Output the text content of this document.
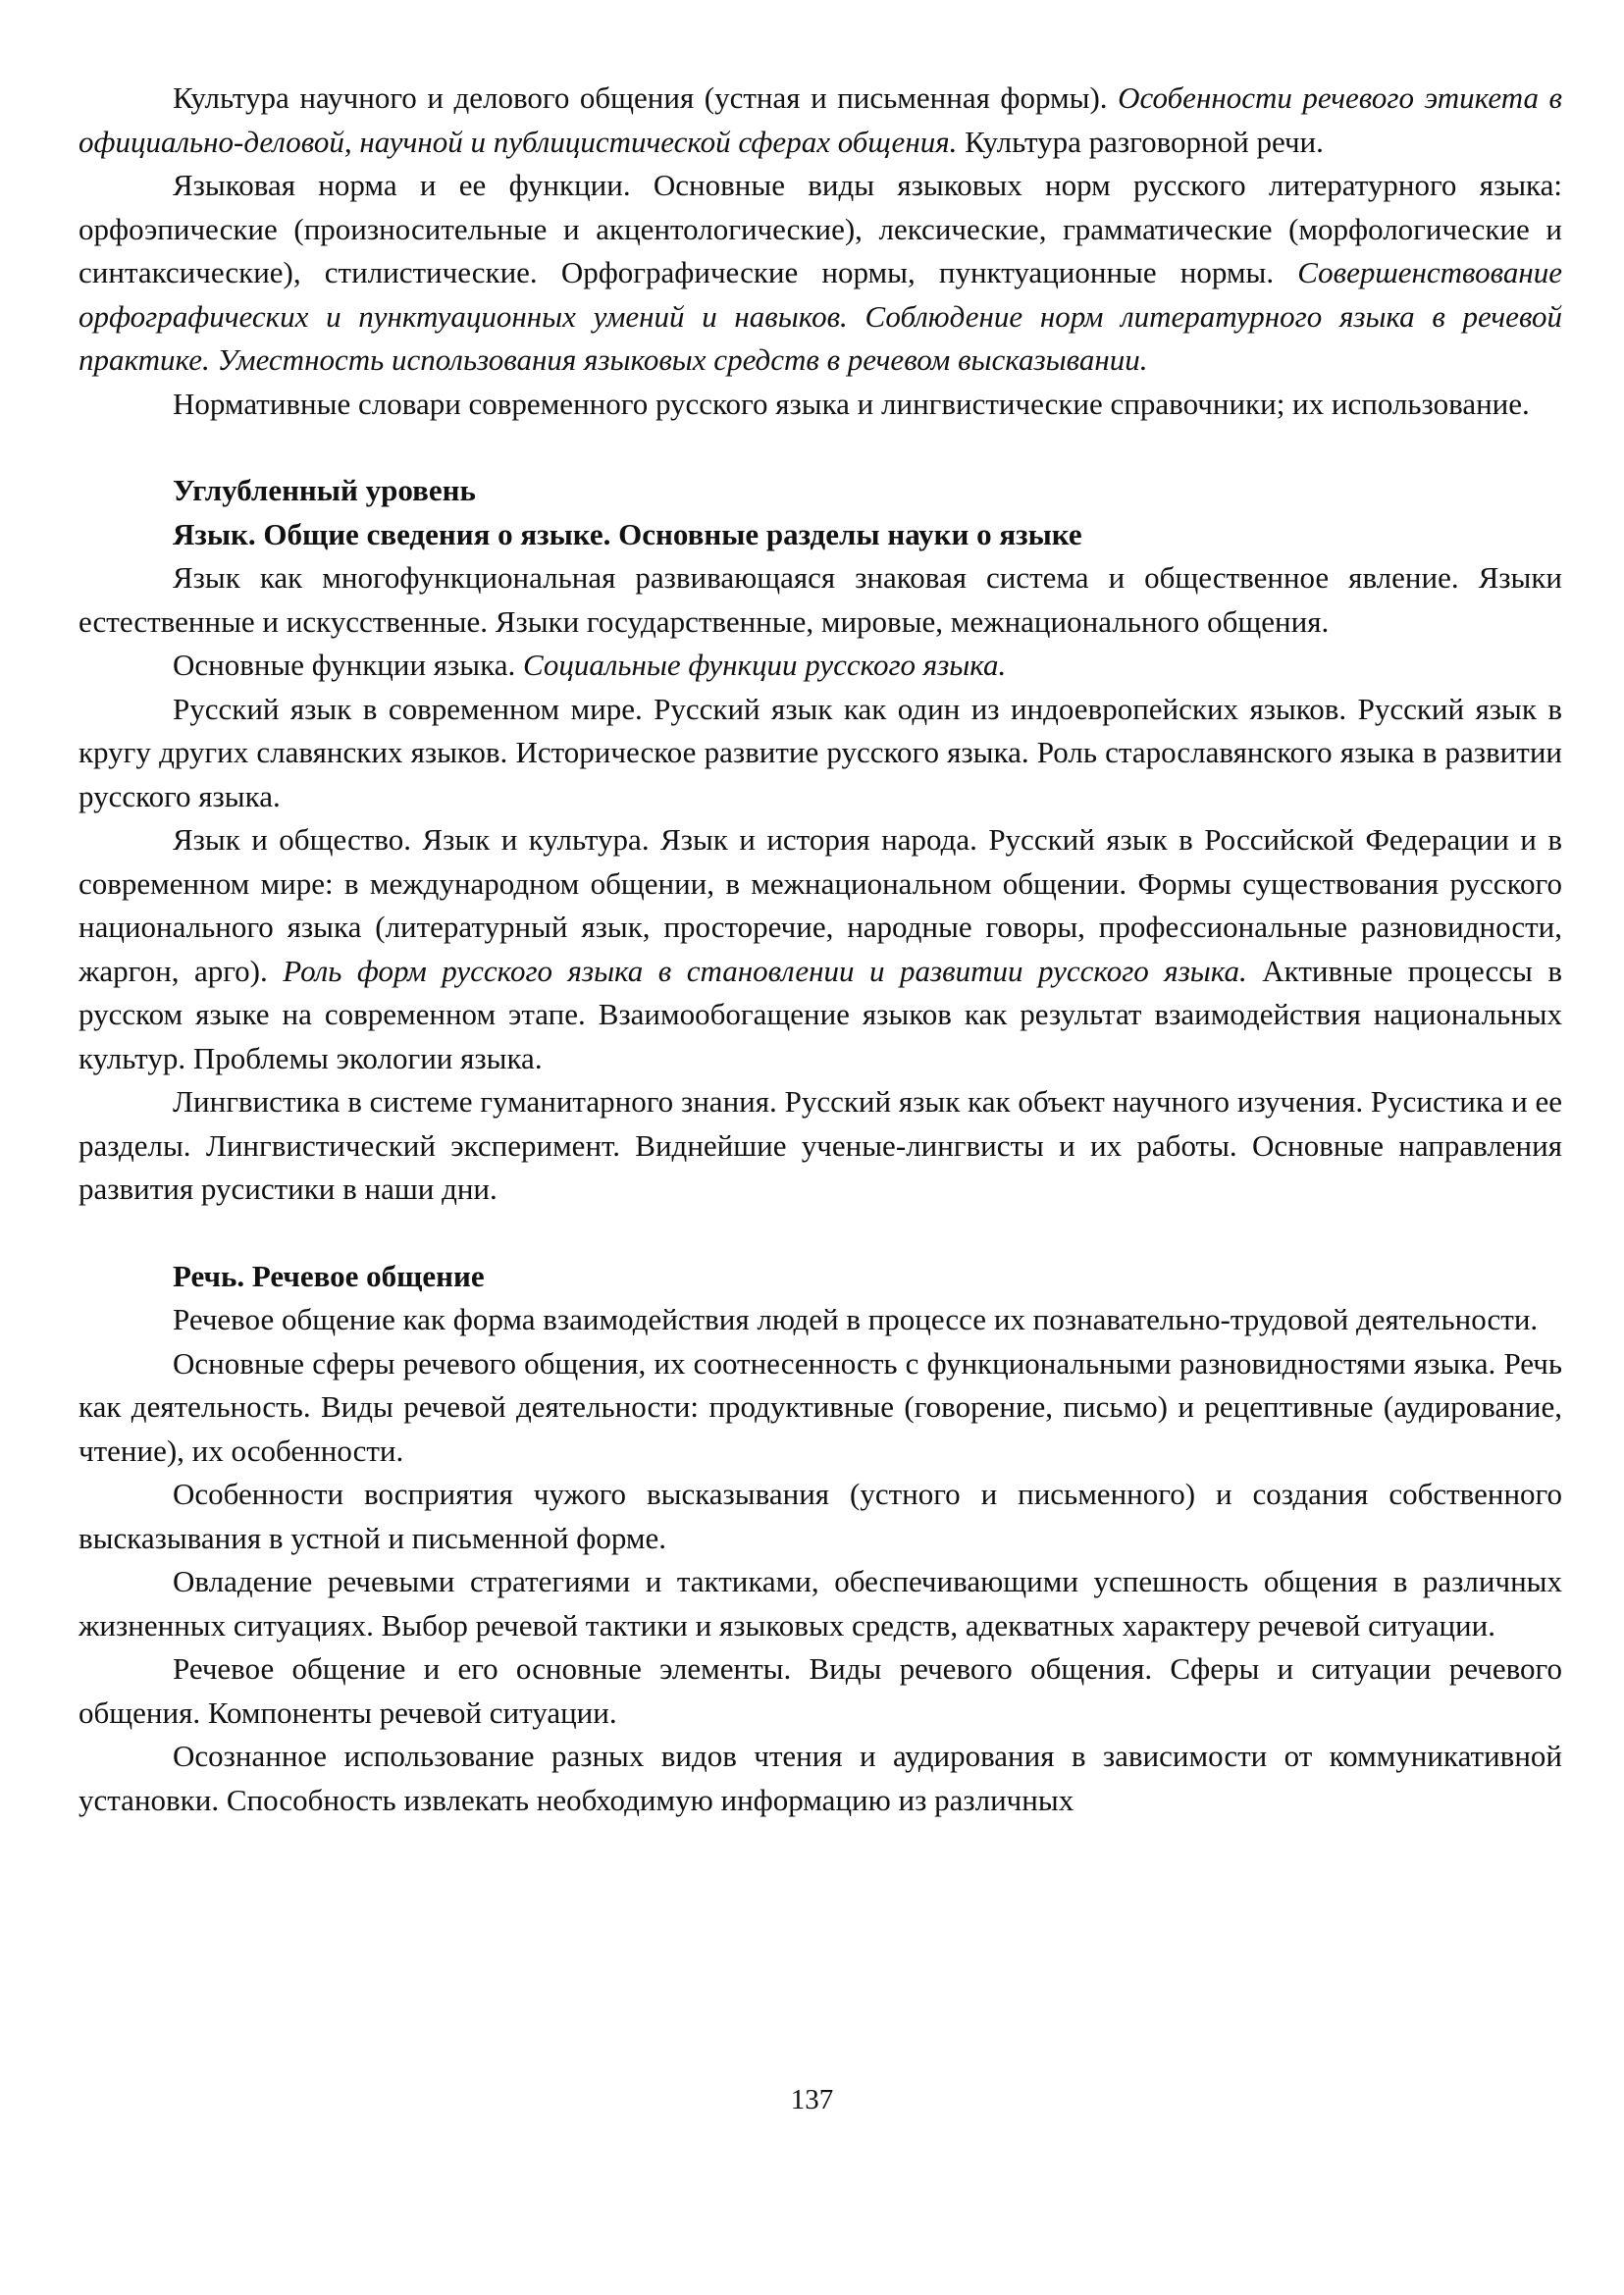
Культура научного и делового общения (устная и письменная формы). Особенности речевого этикета в официально-деловой, научной и публицистической сферах общения. Культура разговорной речи.

Языковая норма и ее функции. Основные виды языковых норм русского литературного языка: орфоэпические (произносительные и акцентологические), лексические, грамматические (морфологические и синтаксические), стилистические. Орфографические нормы, пунктуационные нормы. Совершенствование орфографических и пунктуационных умений и навыков. Соблюдение норм литературного языка в речевой практике. Уместность использования языковых средств в речевом высказывании.

Нормативные словари современного русского языка и лингвистические справочники; их использование.

Углубленный уровень
Язык. Общие сведения о языке. Основные разделы науки о языке

Язык как многофункциональная развивающаяся знаковая система и общественное явление. Языки естественные и искусственные. Языки государственные, мировые, межнационального общения.

Основные функции языка. Социальные функции русского языка.

Русский язык в современном мире. Русский язык как один из индоевропейских языков. Русский язык в кругу других славянских языков. Историческое развитие русского языка. Роль старославянского языка в развитии русского языка.

Язык и общество. Язык и культура. Язык и история народа. Русский язык в Российской Федерации и в современном мире: в международном общении, в межнациональном общении. Формы существования русского национального языка (литературный язык, просторечие, народные говоры, профессиональные разновидности, жаргон, арго). Роль форм русского языка в становлении и развитии русского языка. Активные процессы в русском языке на современном этапе. Взаимообогащение языков как результат взаимодействия национальных культур. Проблемы экологии языка.

Лингвистика в системе гуманитарного знания. Русский язык как объект научного изучения. Русистика и ее разделы. Лингвистический эксперимент. Виднейшие ученые-лингвисты и их работы. Основные направления развития русистики в наши дни.

Речь. Речевое общение

Речевое общение как форма взаимодействия людей в процессе их познавательно-трудовой деятельности.

Основные сферы речевого общения, их соотнесенность с функциональными разновидностями языка. Речь как деятельность. Виды речевой деятельности: продуктивные (говорение, письмо) и рецептивные (аудирование, чтение), их особенности.

Особенности восприятия чужого высказывания (устного и письменного) и создания собственного высказывания в устной и письменной форме.

Овладение речевыми стратегиями и тактиками, обеспечивающими успешность общения в различных жизненных ситуациях. Выбор речевой тактики и языковых средств, адекватных характеру речевой ситуации.

Речевое общение и его основные элементы. Виды речевого общения. Сферы и ситуации речевого общения. Компоненты речевой ситуации.

Осознанное использование разных видов чтения и аудирования в зависимости от коммуникативной установки. Способность извлекать необходимую информацию из различных

137
